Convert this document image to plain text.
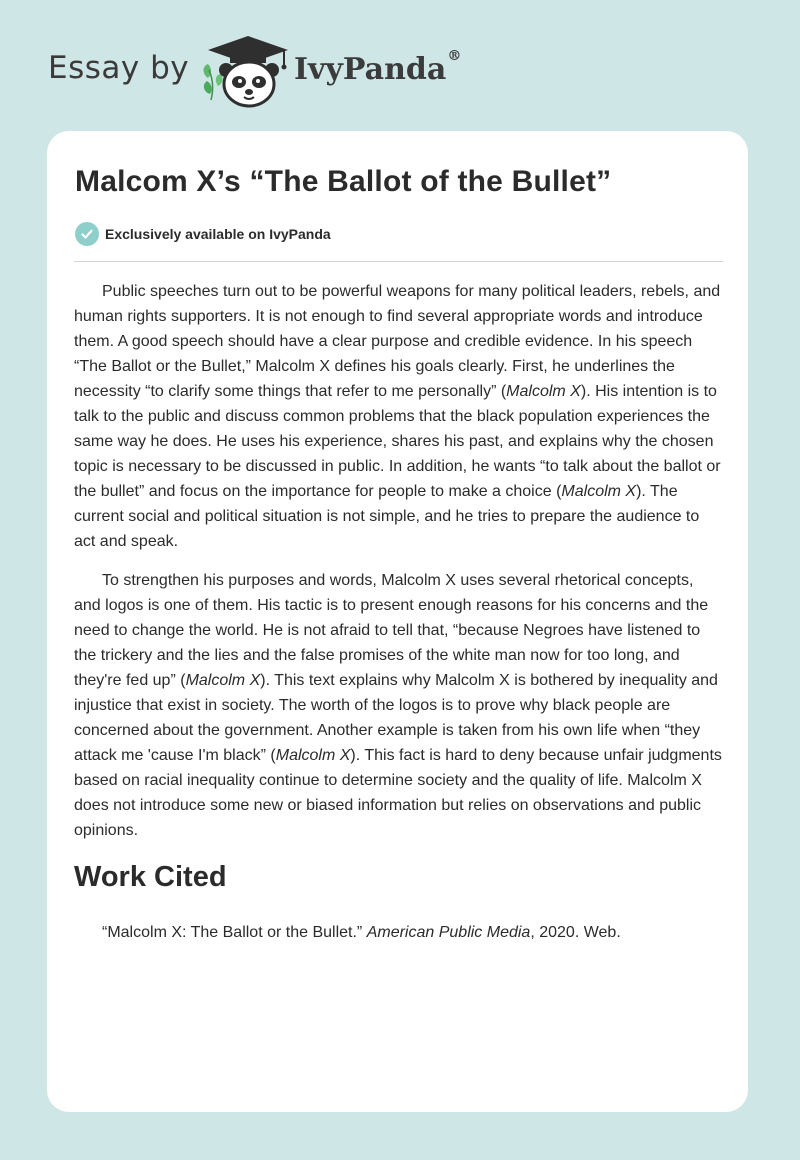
Essay by	IvyPanda®
Malcom X’s “The Ballot of the Bullet”
Exclusively available on IvyPanda

Public speeches turn out to be powerful weapons for many political leaders, rebels, and human rights supporters. It is not enough to find several appropriate words and introduce them. A good speech should have a clear purpose and credible evidence. In his speech “The Ballot or the Bullet,” Malcolm X defines his goals clearly. First, he underlines the necessity “to clarify some things that refer to me personally” (Malcolm X). His intention is to talk to the public and discuss common problems that the black population experiences the same way he does. He uses his experience, shares his past, and explains why the chosen topic is necessary to be discussed in public. In addition, he wants “to talk about the ballot or the bullet” and focus on the importance for people to make a choice (Malcolm X). The current social and political situation is not simple, and he tries to prepare the audience to act and speak.

To strengthen his purposes and words, Malcolm X uses several rhetorical concepts, and logos is one of them. His tactic is to present enough reasons for his concerns and the need to change the world. He is not afraid to tell that, “because Negroes have listened to the trickery and the lies and the false promises of the white man now for too long, and they're fed up” (Malcolm X). This text explains why Malcolm X is bothered by inequality and injustice that exist in society. The worth of the logos is to prove why black people are concerned about the government. Another example is taken from his own life when “they attack me 'cause I'm black” (Malcolm X). This fact is hard to deny because unfair judgments based on racial inequality continue to determine society and the quality of life. Malcolm X does not introduce some new or biased information but relies on observations and public opinions.

Work Cited

“Malcolm X: The Ballot or the Bullet.” American Public Media, 2020. Web.
